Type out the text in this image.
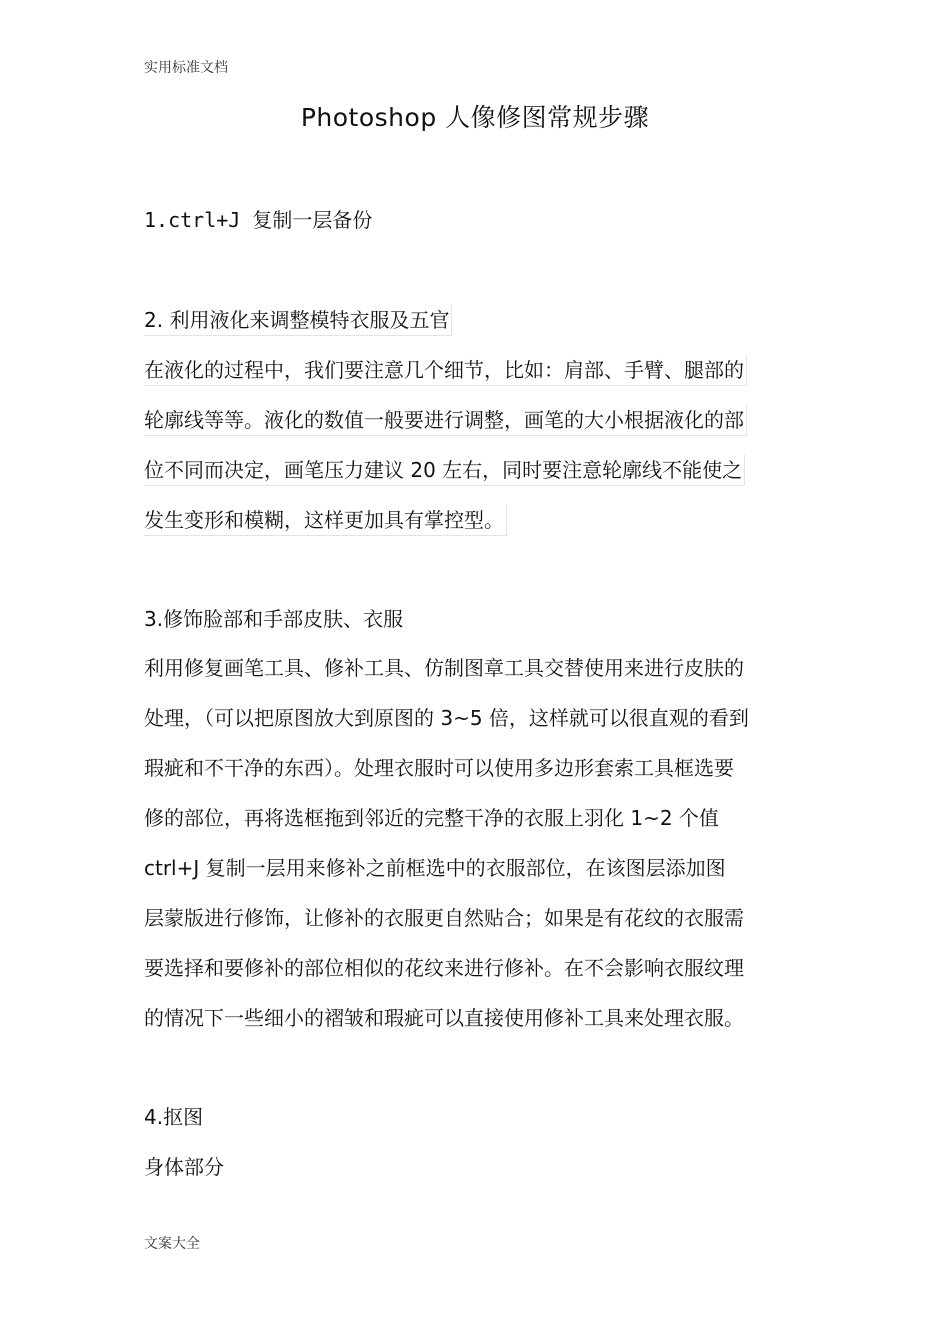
实用标准文档
Photoshop 人像修图常规步骤
1.ctrl+J 复制一层备份
2. 利用液化来调整模特衣服及五官
在液化的过程中，我们要注意几个细节，比如：肩部、手臂、腿部的
轮廓线等等。液化的数值一般要进行调整，画笔的大小根据液化的部
位不同而决定，画笔压力建议 20 左右，同时要注意轮廓线不能使之
发生变形和模糊，这样更加具有掌控型。
3.修饰脸部和手部皮肤、衣服
利用修复画笔工具、修补工具、仿制图章工具交替使用来进行皮肤的
处理，（可以把原图放大到原图的 3~5 倍，这样就可以很直观的看到
瑕疵和不干净的东西）。处理衣服时可以使用多边形套索工具框选要
修的部位，再将选框拖到邻近的完整干净的衣服上羽化 1~2 个值
ctrl+J 复制一层用来修补之前框选中的衣服部位，在该图层添加图
层蒙版进行修饰，让修补的衣服更自然贴合；如果是有花纹的衣服需
要选择和要修补的部位相似的花纹来进行修补。在不会影响衣服纹理
的情况下一些细小的褶皱和瑕疵可以直接使用修补工具来处理衣服。
4.抠图
身体部分
文案大全
